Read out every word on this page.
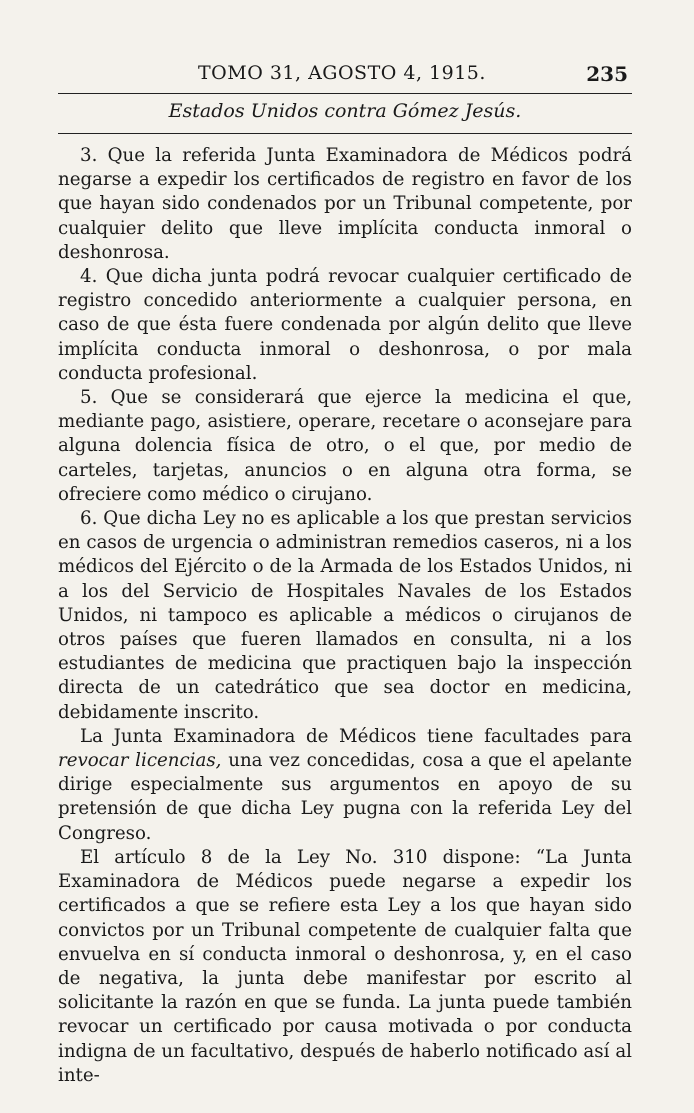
TOMO 31, AGOSTO 4, 1915.	235
Estados Unidos contra Gómez Jesús.

3. Que la referida Junta Examinadora de Médicos podrá negarse a expedir los certificados de registro en favor de los que hayan sido condenados por un Tribunal competente, por cualquier delito que lleve implícita conducta inmoral o deshonrosa.

4. Que dicha junta podrá revocar cualquier certificado de registro concedido anteriormente a cualquier persona, en caso de que ésta fuere condenada por algún delito que lleve implícita conducta inmoral o deshonrosa, o por mala conducta profesional.

5. Que se considerará que ejerce la medicina el que, mediante pago, asistiere, operare, recetare o aconsejare para alguna dolencia física de otro, o el que, por medio de carteles, tarjetas, anuncios o en alguna otra forma, se ofreciere como médico o cirujano.

6. Que dicha Ley no es aplicable a los que prestan servicios en casos de urgencia o administran remedios caseros, ni a los médicos del Ejército o de la Armada de los Estados Unidos, ni a los del Servicio de Hospitales Navales de los Estados Unidos, ni tampoco es aplicable a médicos o cirujanos de otros países que fueren llamados en consulta, ni a los estudiantes de medicina que practiquen bajo la inspección directa de un catedrático que sea doctor en medicina, debidamente inscrito.

La Junta Examinadora de Médicos tiene facultades para revocar licencias, una vez concedidas, cosa a que el apelante dirige especialmente sus argumentos en apoyo de su pretensión de que dicha Ley pugna con la referida Ley del Congreso.

El artículo 8 de la Ley No. 310 dispone: “La Junta Examinadora de Médicos puede negarse a expedir los certificados a que se refiere esta Ley a los que hayan sido convictos por un Tribunal competente de cualquier falta que envuelva en sí conducta inmoral o deshonrosa, y, en el caso de negativa, la junta debe manifestar por escrito al solicitante la razón en que se funda. La junta puede también revocar un certificado por causa motivada o por conducta indigna de un facultativo, después de haberlo notificado así al inte-
